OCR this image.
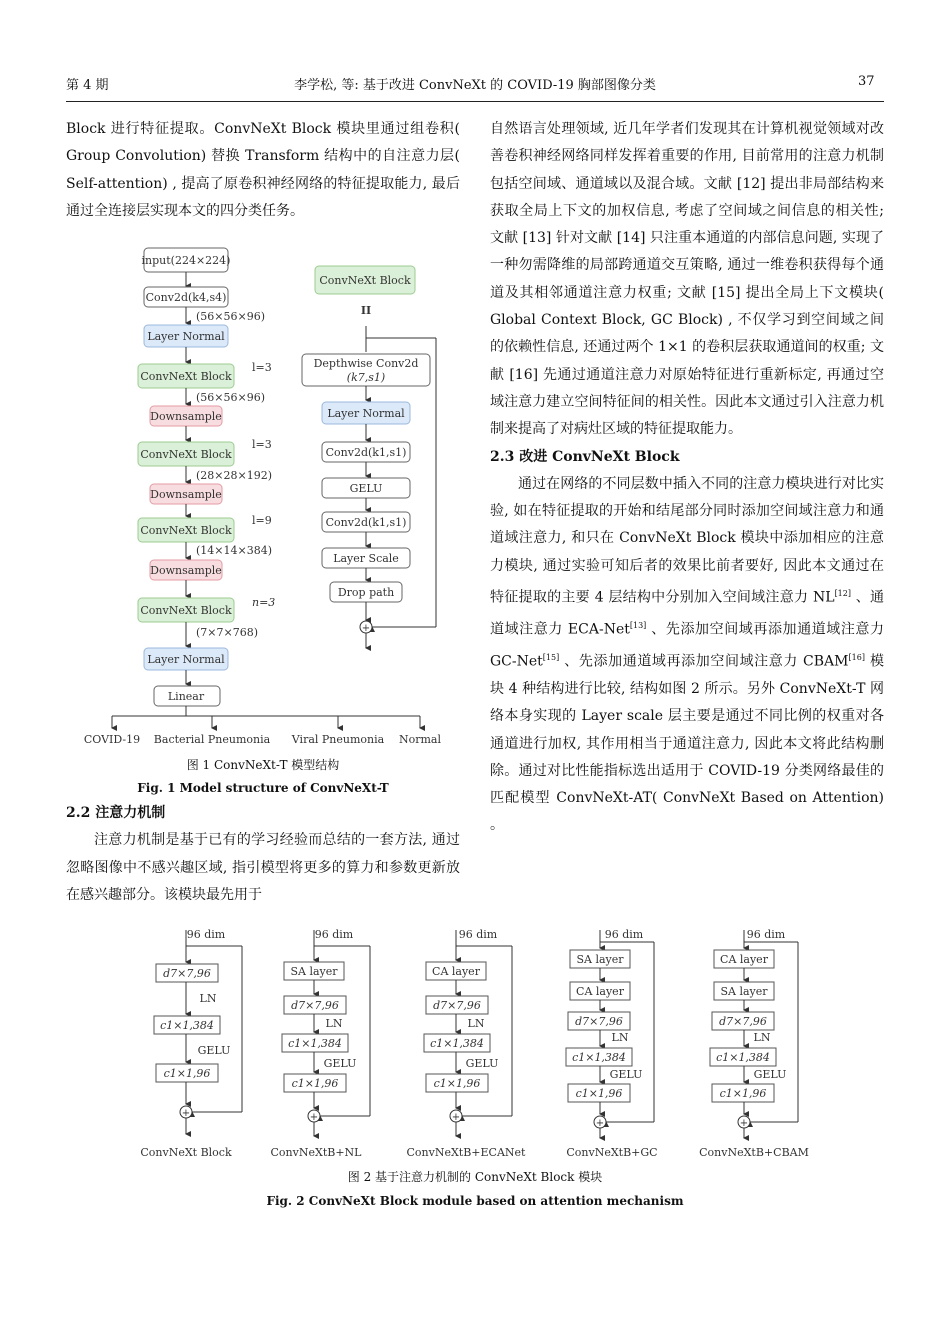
第 4 期	李学松, 等: 基于改进 ConvNeXt 的 COVID-19 胸部图像分类	37

Block 进行特征提取。ConvNeXt Block 模块里通过组卷积( Group Convolution) 替换 Transform 结构中的自注意力层( Self-attention) , 提高了原卷积神经网络的特征提取能力, 最后通过全连接层实现本文的四分类任务。

2.2 注意力机制

注意力机制是基于已有的学习经验而总结的一套方法, 通过忽略图像中不感兴趣区域, 指引模型将更多的算力和参数更新放在感兴趣部分。该模块最先用于

自然语言处理领域, 近几年学者们发现其在计算机视觉领域对改善卷积神经网络同样发挥着重要的作用, 目前常用的注意力机制包括空间域、通道域以及混合域。文献 [12] 提出非局部结构来获取全局上下文的加权信息, 考虑了空间域之间信息的相关性; 文献 [13] 针对文献 [14] 只注重本通道的内部信息问题, 实现了一种勿需降维的局部跨通道交互策略, 通过一维卷积获得每个通道及其相邻通道注意力权重; 文献 [15] 提出全局上下文模块( Global Context Block, GC Block) , 不仅学习到空间域之间的依赖性信息, 还通过两个 1×1 的卷积层获取通道间的权重; 文献 [16] 先通过通道注意力对原始特征进行重新标定, 再通过空域注意力建立空间特征间的相关性。因此本文通过引入注意力机制来提高了对病灶区域的特征提取能力。

2.3 改进 ConvNeXt Block

通过在网络的不同层数中插入不同的注意力模块进行对比实验, 如在特征提取的开始和结尾部分同时添加空间域注意力和通道域注意力, 和只在 ConvNeXt Block 模块中添加相应的注意力模块, 通过实验可知后者的效果比前者要好, 因此本文通过在特征提取的主要 4 层结构中分别加入空间域注意力 NL[12] 、通道域注意力 ECA-Net[13] 、先添加空间域再添加通道域注意力 GC-Net[15] 、先添加通道域再添加空间域注意力 CBAM[16] 模块 4 种结构进行比较, 结构如图 2 所示。另外 ConvNeXt-T 网络本身实现的 Layer scale 层主要是通过不同比例的权重对各通道进行加权, 其作用相当于通道注意力, 因此本文将此结构删除。通过对比性能指标选出适用于 COVID-19 分类网络最佳的匹配模型 ConvNeXt-AT( ConvNeXt Based on Attention) 。

input(224×224)
Conv2d(k4,s4)
(56×56×96)
Layer Normal
ConvNeXt Block
l=3
(56×56×96)
Downsample
ConvNeXt Block
l=3
(28×28×192)
Downsample
ConvNeXt Block
l=9
(14×14×384)
Downsample
ConvNeXt Block
n=3
(7×7×768)
Layer Normal
Linear
COVID-19 Bacterial Pneumonia Viral Pneumonia Normal
ConvNeXt Block
II
Depthwise Conv2d
(k7,s1)
Layer Normal
Conv2d(k1,s1)
GELU
Conv2d(k1,s1)
Layer Scale
Drop path
+
图 1 ConvNeXt-T 模型结构
Fig. 1 Model structure of ConvNeXt-T
96 dim
d7×7,96
LN
c1×1,384
GELU
c1×1,96
+
ConvNeXt Block
96 dim
SA layer
d7×7,96
LN
c1×1,384
GELU
c1×1,96
+
ConvNeXtB+NL
96 dim
CA layer
d7×7,96
LN
c1×1,384
GELU
c1×1,96
+
ConvNeXtB+ECANet
96 dim
SA layer
CA layer
d7×7,96
LN
c1×1,384
GELU
c1×1,96
+
ConvNeXtB+GC
96 dim
CA layer
SA layer
d7×7,96
LN
c1×1,384
GELU
c1×1,96
+
ConvNeXtB+CBAM
图 2 基于注意力机制的 ConvNeXt Block 模块
Fig. 2 ConvNeXt Block module based on attention mechanism
